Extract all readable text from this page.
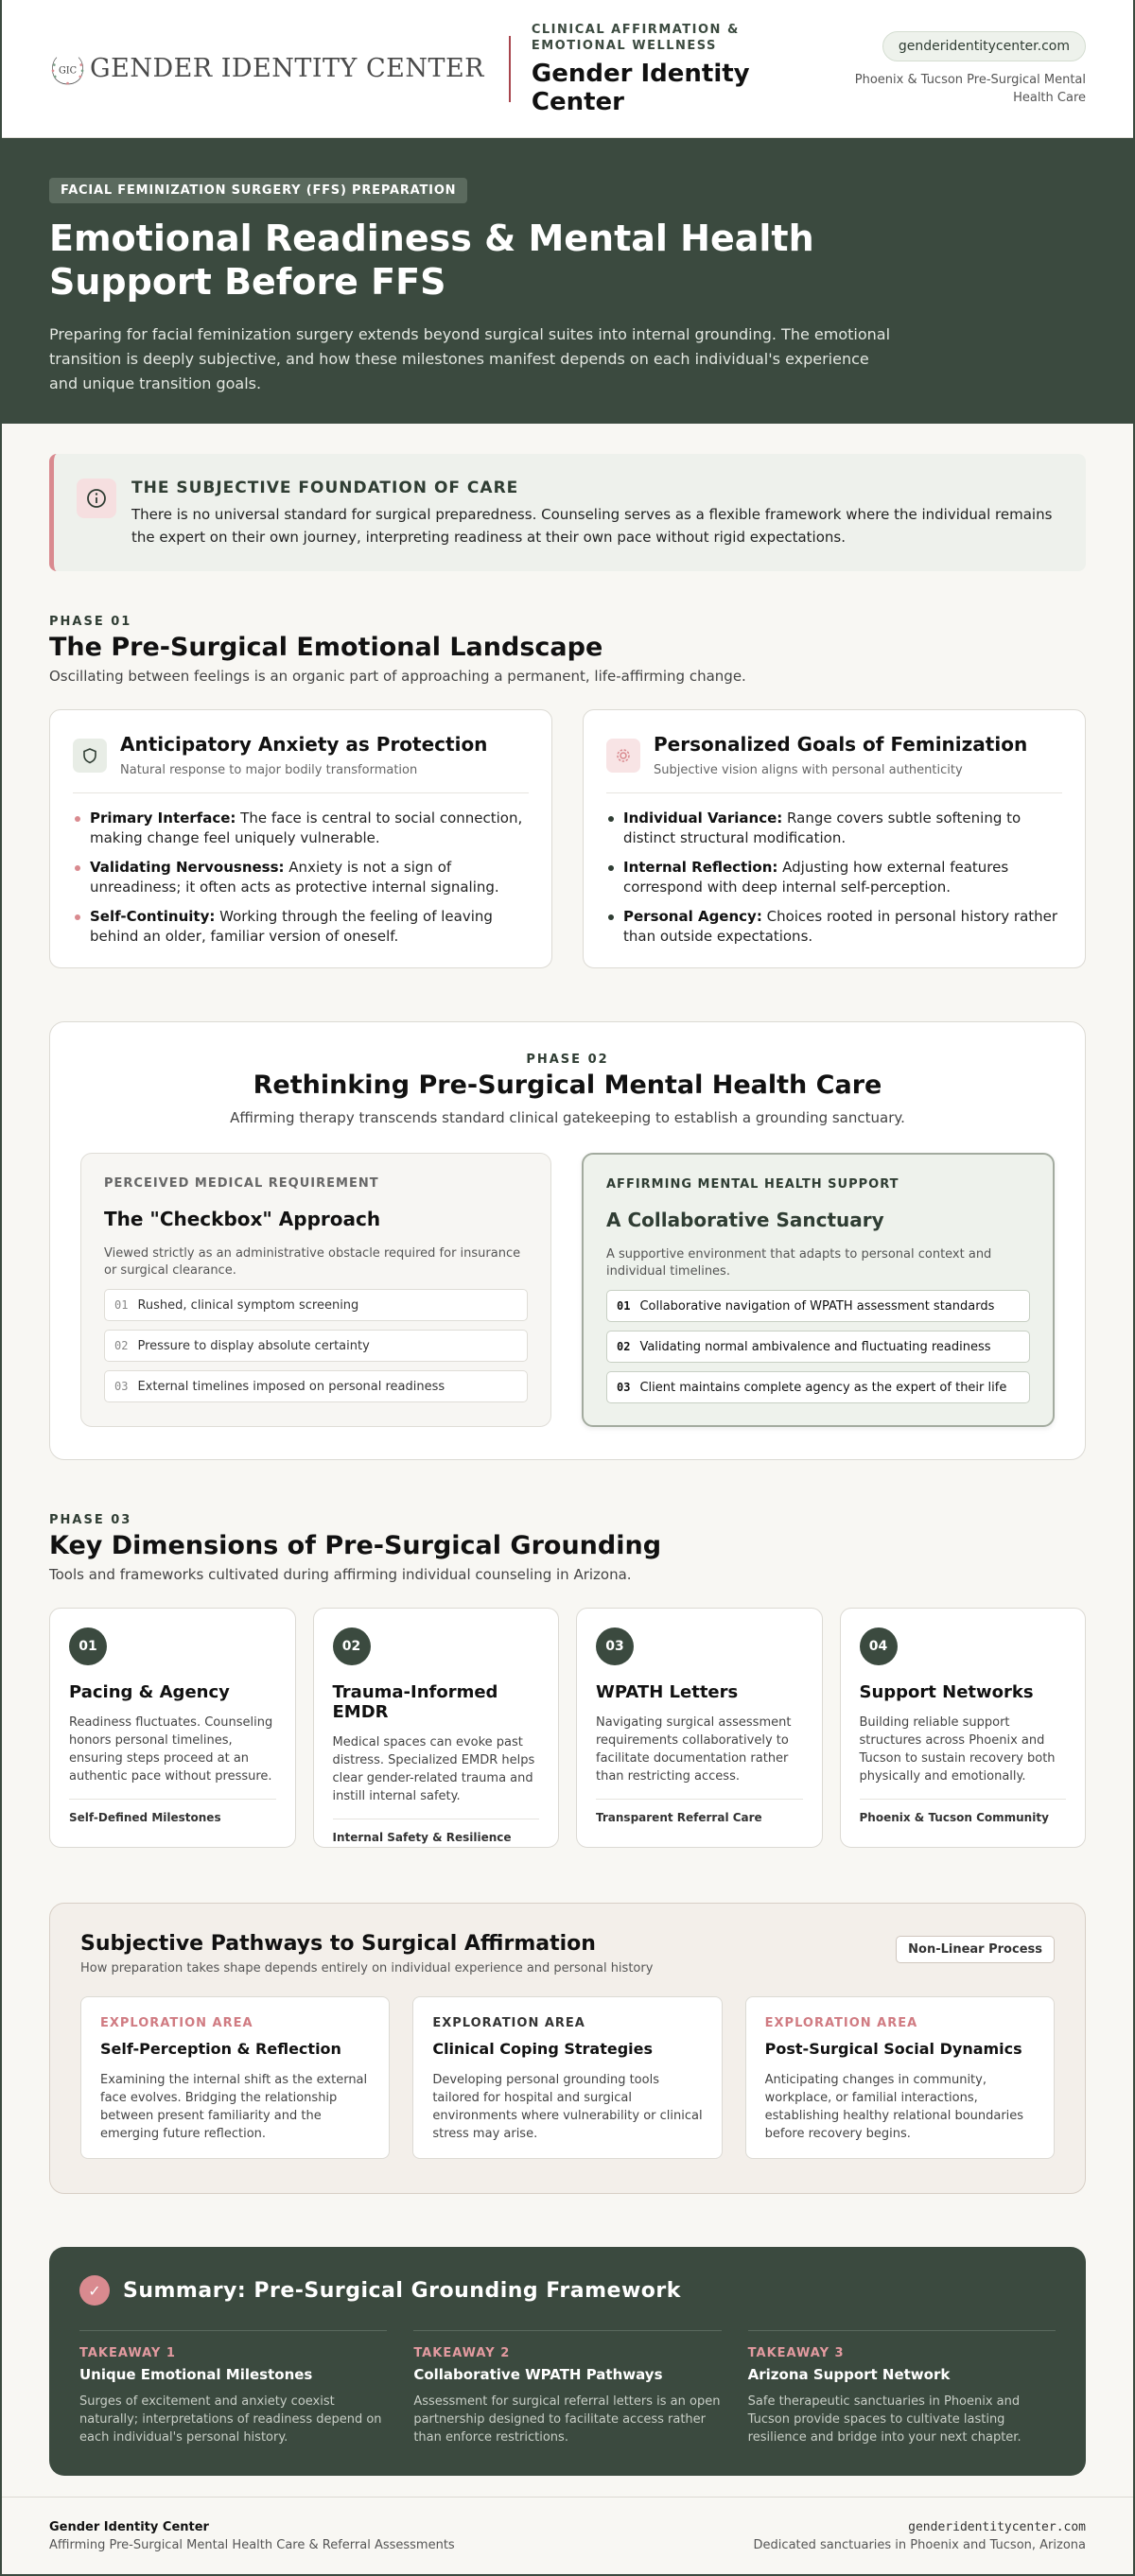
GIC GENDER IDENTITY CENTER
CLINICAL AFFIRMATION & EMOTIONAL WELLNESS
Gender Identity Center
genderidentitycenter.com
Phoenix & Tucson Pre-Surgical Mental Health Care
FACIAL FEMINIZATION SURGERY (FFS) PREPARATION
Emotional Readiness & Mental Health Support Before FFS

Preparing for facial feminization surgery extends beyond surgical suites into internal grounding. The emotional transition is deeply subjective, and how these milestones manifest depends on each individual's experience and unique transition goals.

THE SUBJECTIVE FOUNDATION OF CARE
There is no universal standard for surgical preparedness. Counseling serves as a flexible framework where the individual remains the expert on their own journey, interpreting readiness at their own pace without rigid expectations.
PHASE 01
The Pre-Surgical Emotional Landscape

Oscillating between feelings is an organic part of approaching a permanent, life-affirming change.

Anticipatory Anxiety as Protection
Natural response to major bodily transformation
Primary Interface: The face is central to social connection, making change feel uniquely vulnerable.
Validating Nervousness: Anxiety is not a sign of unreadiness; it often acts as protective internal signaling.
Self-Continuity: Working through the feeling of leaving behind an older, familiar version of oneself.
Personalized Goals of Feminization
Subjective vision aligns with personal authenticity
Individual Variance: Range covers subtle softening to distinct structural modification.
Internal Reflection: Adjusting how external features correspond with deep internal self-perception.
Personal Agency: Choices rooted in personal history rather than outside expectations.
PHASE 02
Rethinking Pre-Surgical Mental Health Care

Affirming therapy transcends standard clinical gatekeeping to establish a grounding sanctuary.

PERCEIVED MEDICAL REQUIREMENT
The "Checkbox" Approach
Viewed strictly as an administrative obstacle required for insurance or surgical clearance.
01 Rushed, clinical symptom screening
02 Pressure to display absolute certainty
03 External timelines imposed on personal readiness
AFFIRMING MENTAL HEALTH SUPPORT
A Collaborative Sanctuary
A supportive environment that adapts to personal context and individual timelines.
01 Collaborative navigation of WPATH assessment standards
02 Validating normal ambivalence and fluctuating readiness
03 Client maintains complete agency as the expert of their life
PHASE 03
Key Dimensions of Pre-Surgical Grounding

Tools and frameworks cultivated during affirming individual counseling in Arizona.

01
Pacing & Agency
Readiness fluctuates. Counseling honors personal timelines, ensuring steps proceed at an authentic pace without pressure.
Self-Defined Milestones
02
Trauma-Informed EMDR
Medical spaces can evoke past distress. Specialized EMDR helps clear gender-related trauma and instill internal safety.
Internal Safety & Resilience
03
WPATH Letters
Navigating surgical assessment requirements collaboratively to facilitate documentation rather than restricting access.
Transparent Referral Care
04
Support Networks
Building reliable support structures across Phoenix and Tucson to sustain recovery both physically and emotionally.
Phoenix & Tucson Community
Subjective Pathways to Surgical Affirmation
How preparation takes shape depends entirely on individual experience and personal history
Non-Linear Process
EXPLORATION AREA
Self-Perception & Reflection
Examining the internal shift as the external face evolves. Bridging the relationship between present familiarity and the emerging future reflection.
EXPLORATION AREA
Clinical Coping Strategies
Developing personal grounding tools tailored for hospital and surgical environments where vulnerability or clinical stress may arise.
EXPLORATION AREA
Post-Surgical Social Dynamics
Anticipating changes in community, workplace, or familial interactions, establishing healthy relational boundaries before recovery begins.
✓	Summary: Pre-Surgical Grounding Framework
TAKEAWAY 1
Unique Emotional Milestones
Surges of excitement and anxiety coexist naturally; interpretations of readiness depend on each individual's personal history.
TAKEAWAY 2
Collaborative WPATH Pathways
Assessment for surgical referral letters is an open partnership designed to facilitate access rather than enforce restrictions.
TAKEAWAY 3
Arizona Support Network
Safe therapeutic sanctuaries in Phoenix and Tucson provide spaces to cultivate lasting resilience and bridge into your next chapter.
Gender Identity Center
Affirming Pre-Surgical Mental Health Care & Referral Assessments
genderidentitycenter.com
Dedicated sanctuaries in Phoenix and Tucson, Arizona
